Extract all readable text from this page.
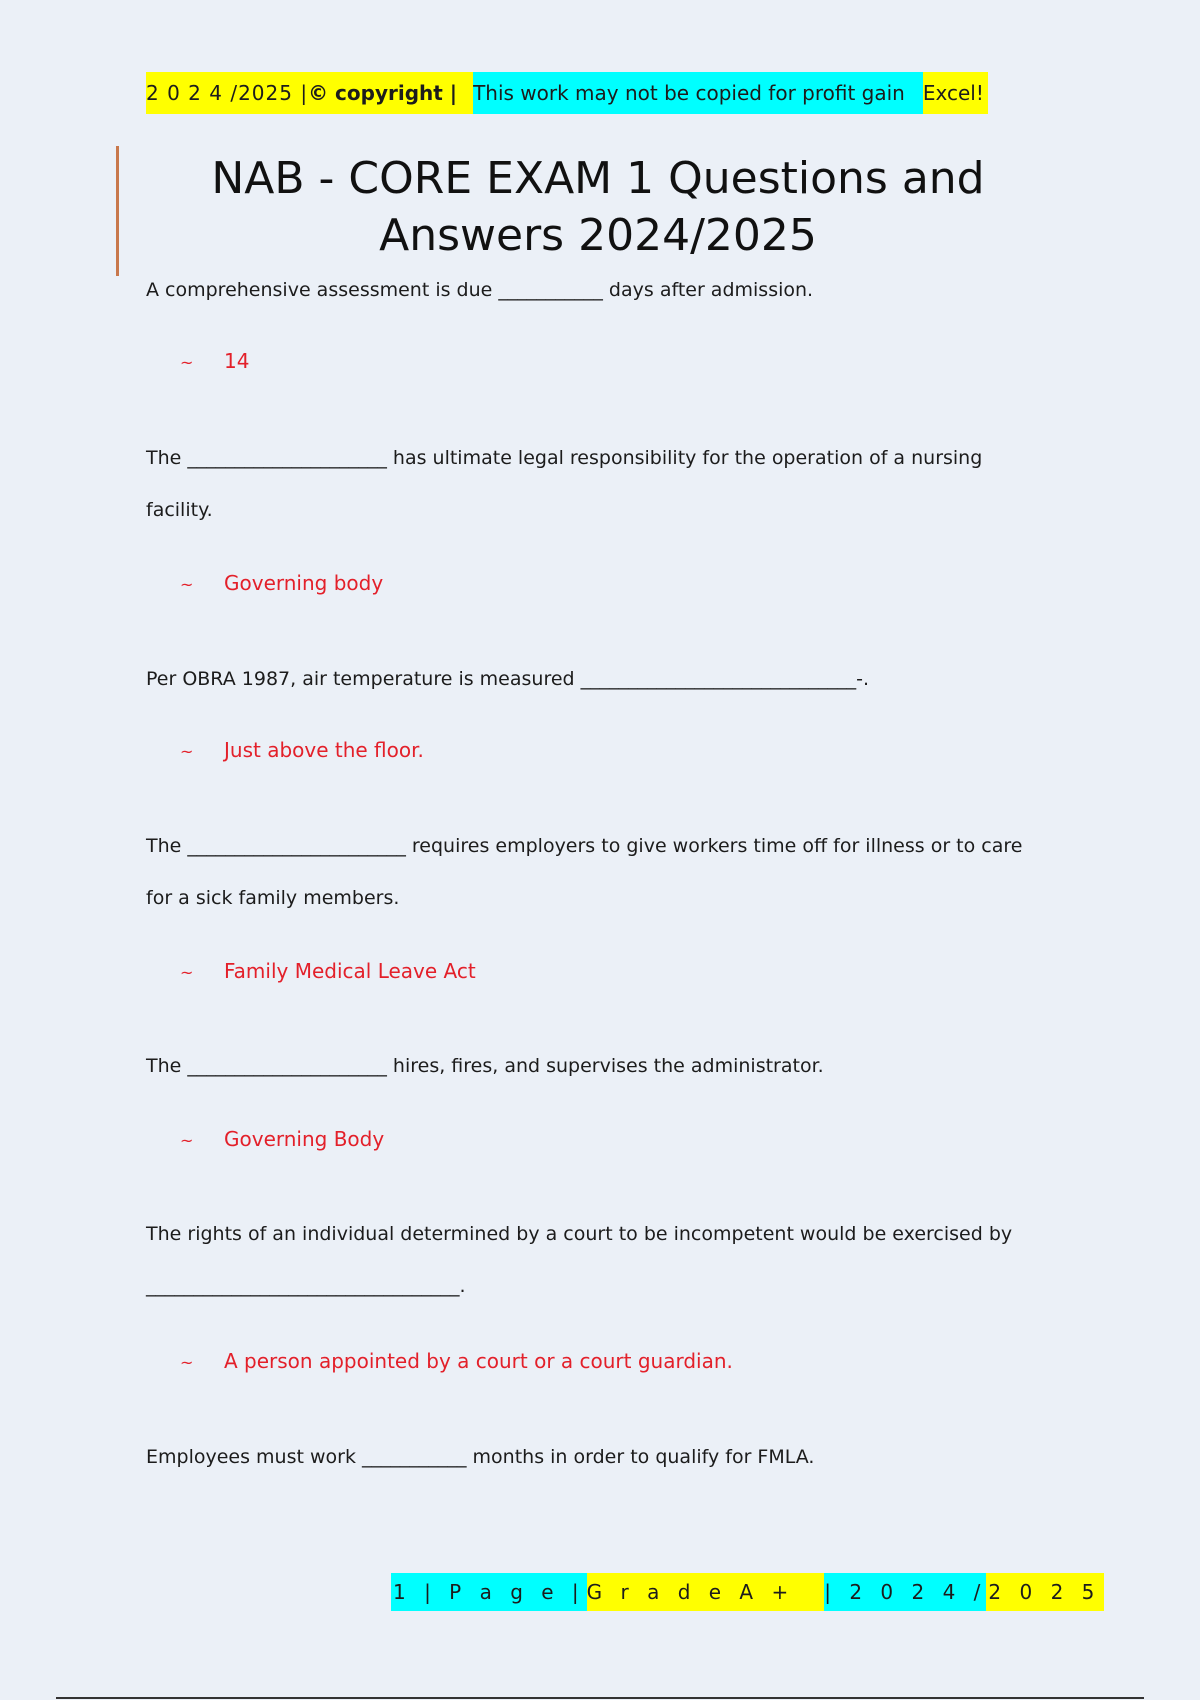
2 0 2 4 /2025 | © copyright | This work may not be copied for profit gain Excel!
NAB - CORE EXAM 1 Questions and
Answers 2024/2025

A comprehensive assessment is due ___________ days after admission.

~ 14

The _____________________ has ultimate legal responsibility for the operation of a nursing facility.

~ Governing body

Per OBRA 1987, air temperature is measured _____________________________-.

~ Just above the floor.

The _______________________ requires employers to give workers time off for illness or to care for a sick family members.

~ Family Medical Leave Act

The _____________________ hires, fires, and supervises the administrator.

~ Governing Body

The rights of an individual determined by a court to be incompetent would be exercised by _________________________________.

~ A person appointed by a court or a court guardian.

Employees must work ___________ months in order to qualify for FMLA.

1 | P a g e | G r a d e A +	| 2 0 2 4 / 2 0 2 5
